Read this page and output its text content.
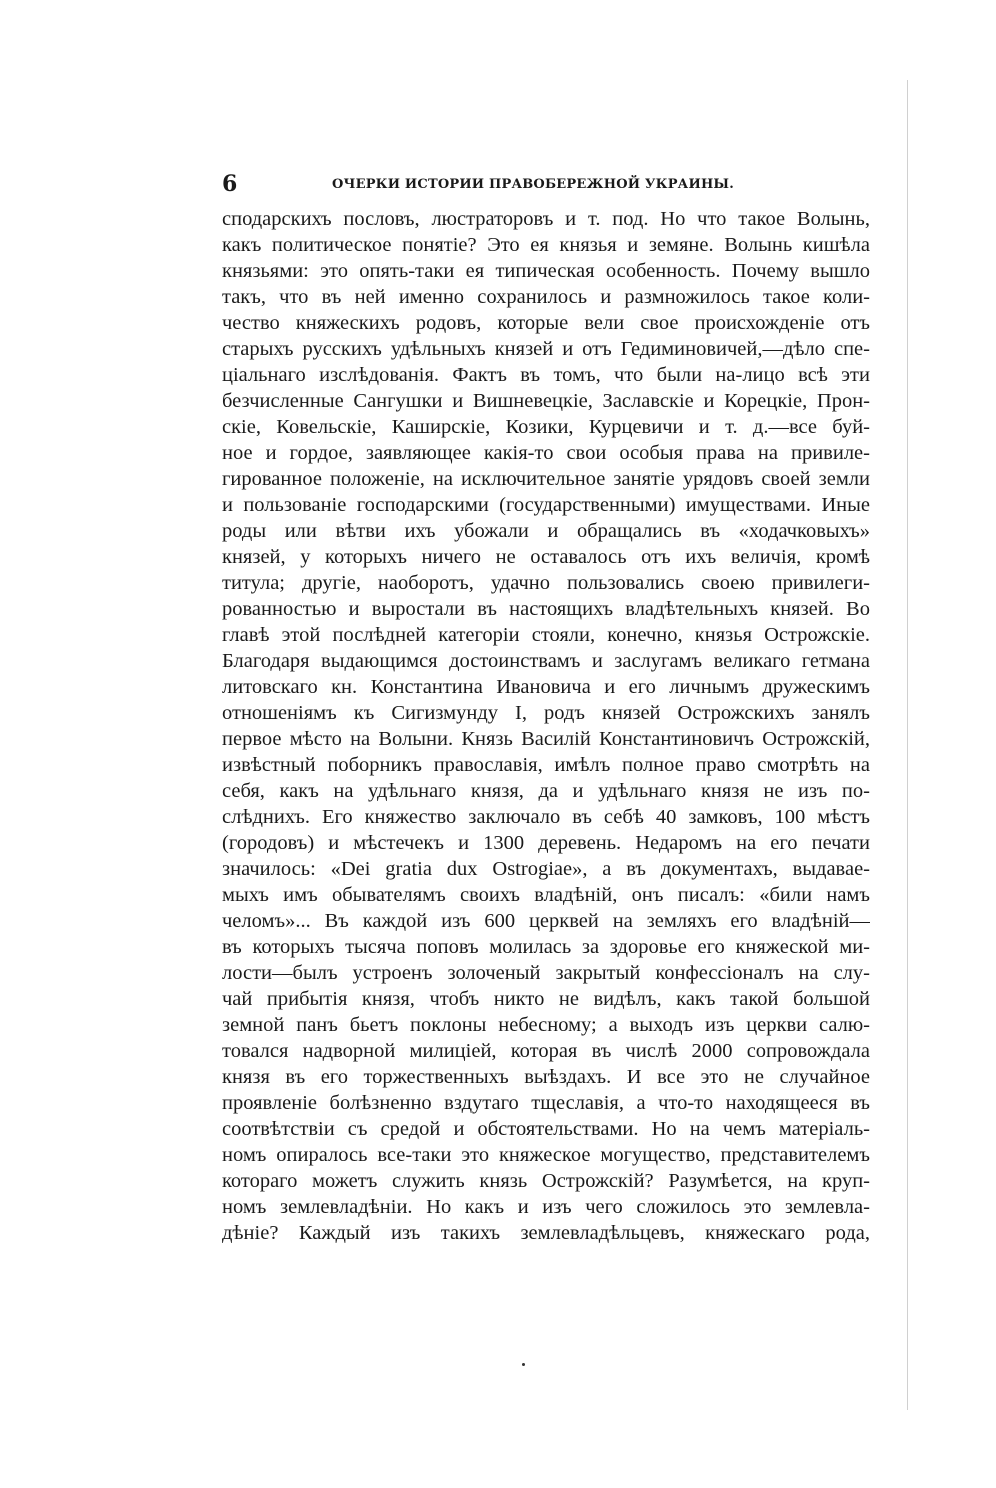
6	ОЧЕРКИ ИСТОРИИ ПРАВОБЕРЕЖНОЙ УКРАИНЫ.
сподарскихъ пословъ, люстраторовъ и т. под. Но что такое Волынь,
какъ политическое понятіе? Это ея князья и земяне. Волынь кишѣла
князьями: это опять-таки ея типическая особенность. Почему вышло
такъ, что въ ней именно сохранилось и размножилось такое коли-
чество княжескихъ родовъ, которые вели свое происхожденіе отъ
старыхъ русскихъ удѣльныхъ князей и отъ Гедиминовичей,—дѣло спе-
ціальнаго изслѣдованія. Фактъ въ томъ, что были на-лицо всѣ эти
безчисленные Сангушки и Вишневецкіе, Заславскіе и Корецкіе, Прон-
скіе, Ковельскіе, Каширскіе, Козики, Курцевичи и т. д.—все буй-
ное и гордое, заявляющее какія-то свои особыя права на привиле-
гированное положеніе, на исключительное занятіе урядовъ своей земли
и пользованіе господарскими (государственными) имуществами. Иные
роды или вѣтви ихъ убожали и обращались въ «ходачковыхъ»
князей, у которыхъ ничего не оставалось отъ ихъ величія, кромѣ
титула; другіе, наоборотъ, удачно пользовались своею привилеги-
рованностью и выростали въ настоящихъ владѣтельныхъ князей. Во
главѣ этой послѣдней категоріи стояли, конечно, князья Острожскіе.
Благодаря выдающимся достоинствамъ и заслугамъ великаго гетмана
литовскаго кн. Константина Ивановича и его личнымъ дружескимъ
отношеніямъ къ Сигизмунду I, родъ князей Острожскихъ занялъ
первое мѣсто на Волыни. Князь Василій Константиновичъ Острожскій,
извѣстный поборникъ православія, имѣлъ полное право смотрѣть на
себя, какъ на удѣльнаго князя, да и удѣльнаго князя не изъ по-
слѣднихъ. Его княжество заключало въ себѣ 40 замковъ, 100 мѣстъ
(городовъ) и мѣстечекъ и 1300 деревень. Недаромъ на его печати
значилось: «Dei gratia dux Ostrogiae», а въ документахъ, выдавае-
мыхъ имъ обывателямъ своихъ владѣній, онъ писалъ: «били намъ
челомъ»... Въ каждой изъ 600 церквей на земляхъ его владѣній—
въ которыхъ тысяча поповъ молилась за здоровье его княжеской ми-
лости—былъ устроенъ золоченый закрытый конфессіоналъ на слу-
чай прибытія князя, чтобъ никто не видѣлъ, какъ такой большой
земной панъ бьетъ поклоны небесному; а выходъ изъ церкви салю-
товался надворной милиціей, которая въ числѣ 2000 сопровождала
князя въ его торжественныхъ выѣздахъ. И все это не случайное
проявленіе болѣзненно вздутаго тщеславія, а что-то находящееся въ
соотвѣтствіи съ средой и обстоятельствами. Но на чемъ матеріаль-
номъ опиралось все-таки это княжеское могущество, представителемъ
котораго можетъ служить князь Острожскій? Разумѣется, на круп-
номъ землевладѣніи. Но какъ и изъ чего сложилось это землевла-
дѣніе? Каждый изъ такихъ землевладѣльцевъ, княжескаго рода,
